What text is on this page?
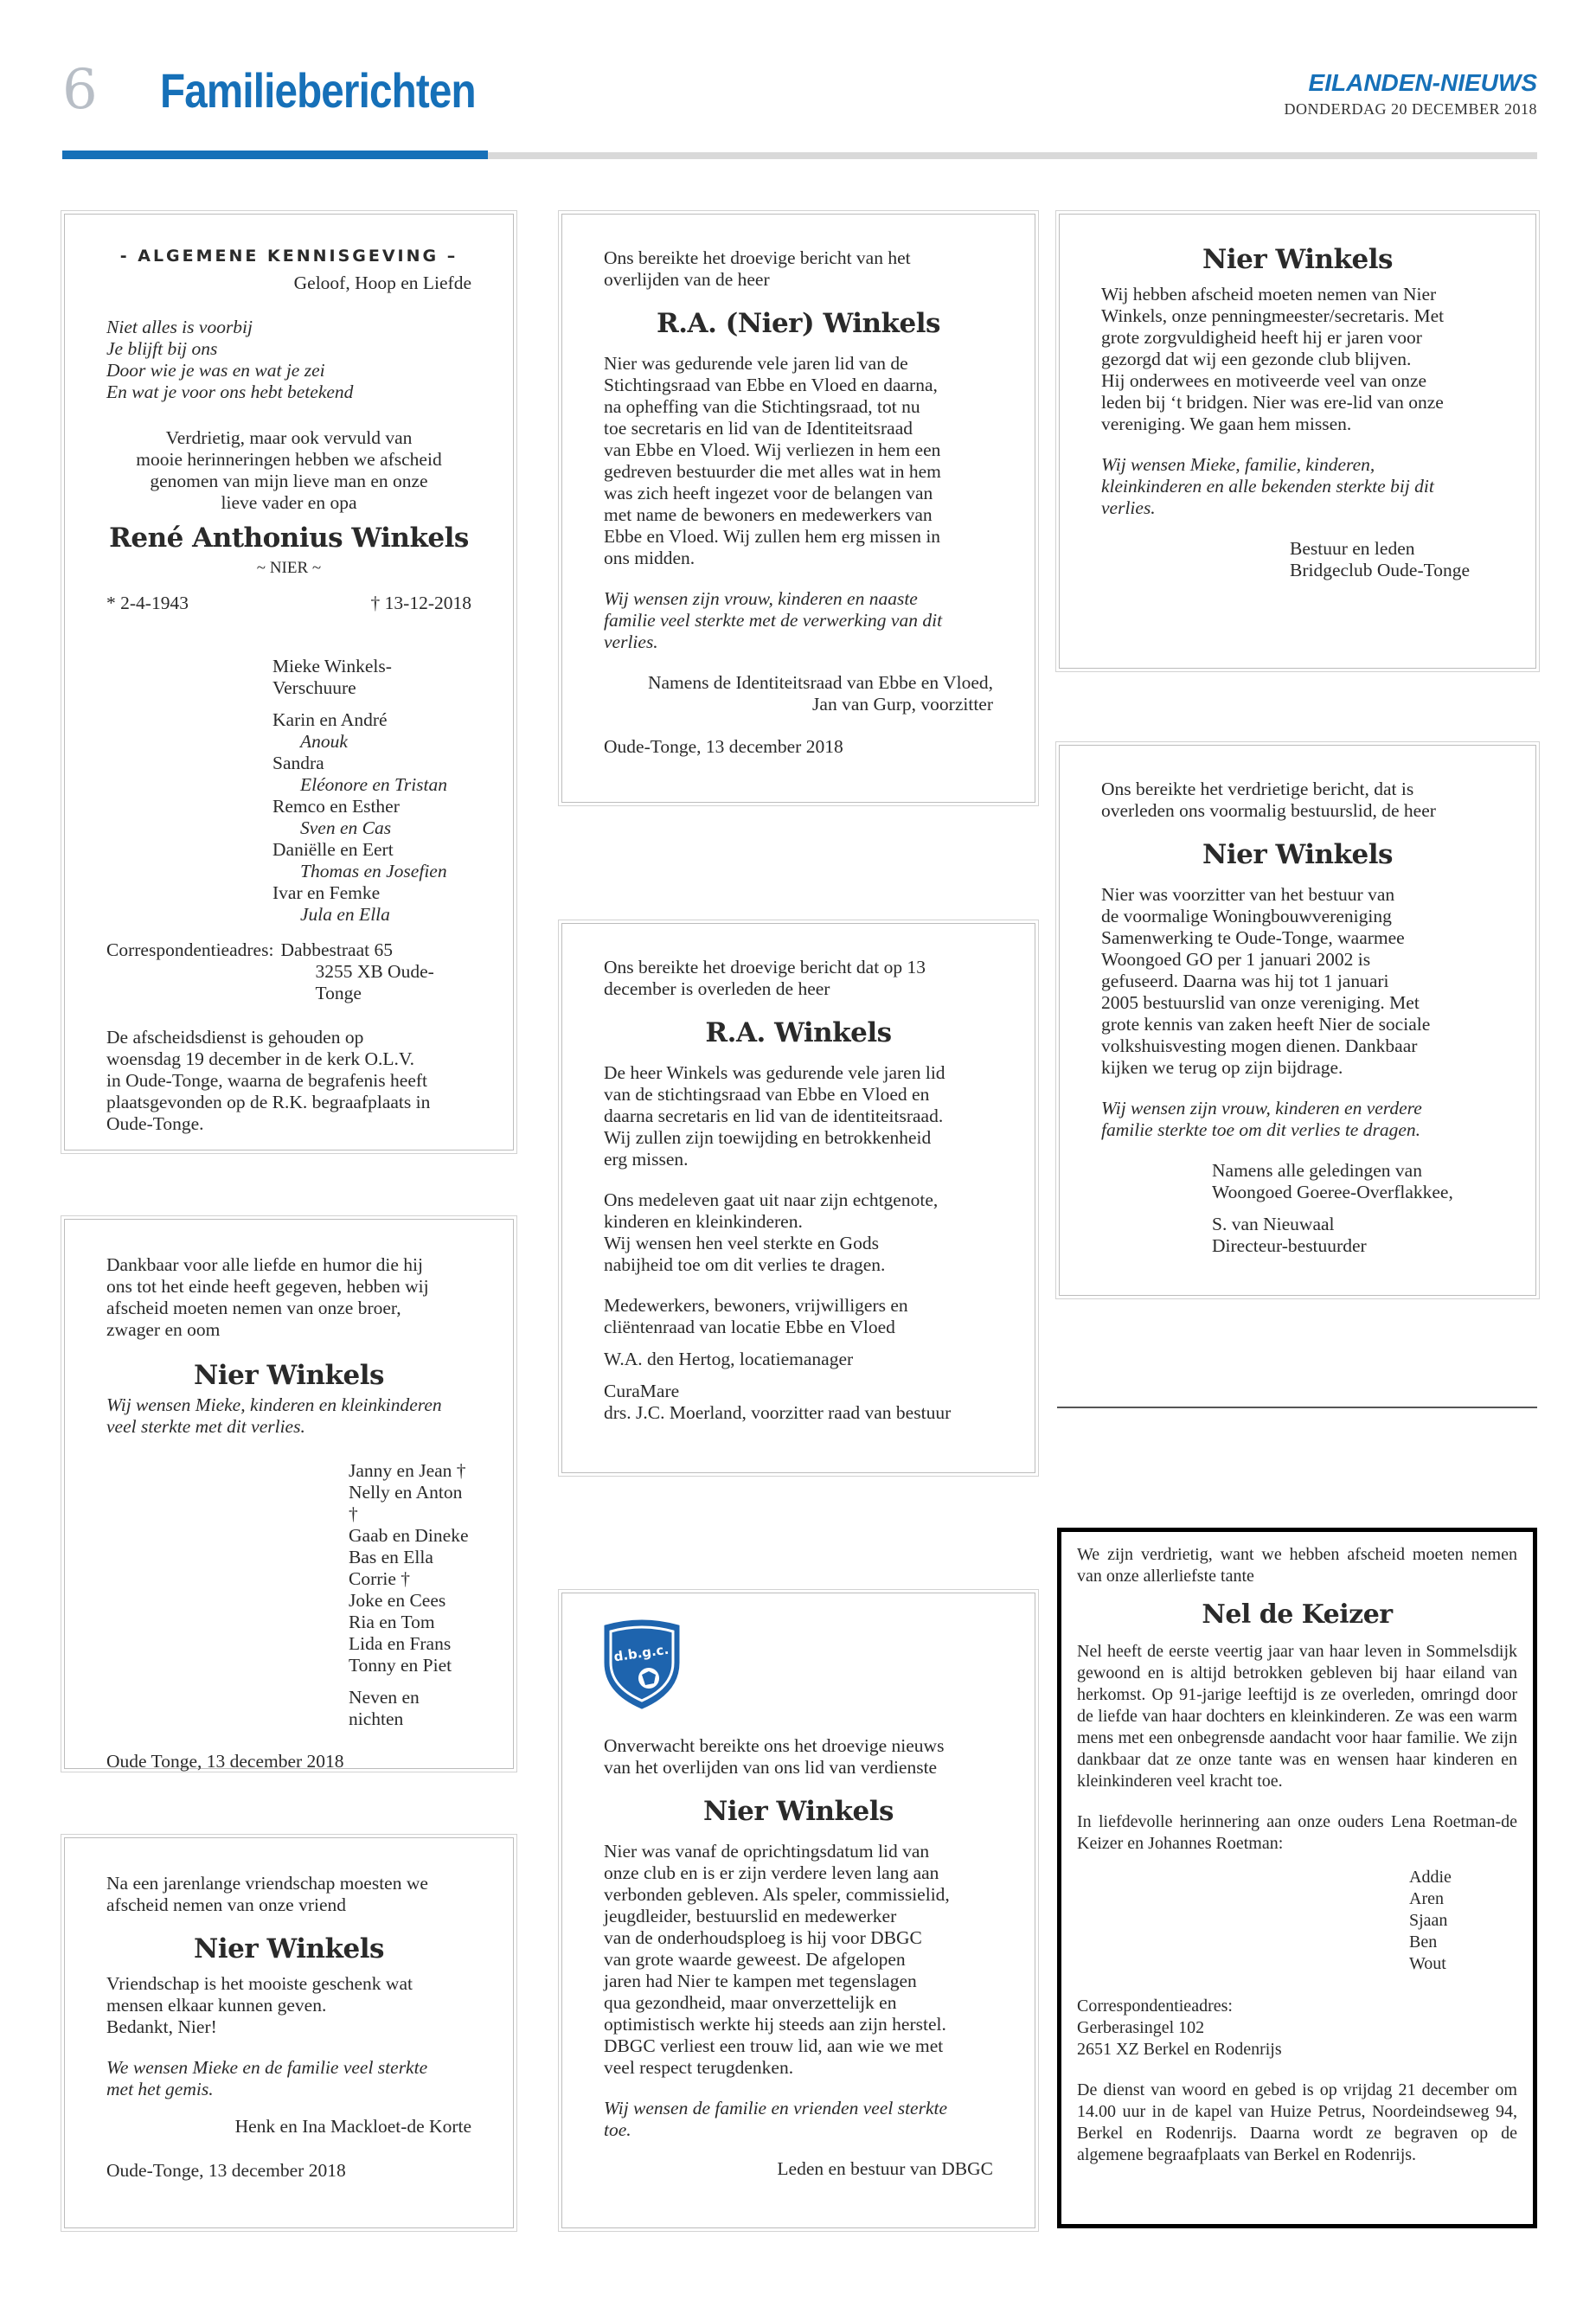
6 Familieberichten	EILANDEN-NIEUWS
DONDERDAG 20 DECEMBER 2018
- ALGEMENE KENNISGEVING –
Geloof, Hoop en Liefde
Niet alles is voorbij
Je blijft bij ons
Door wie je was en wat je zei
En wat je voor ons hebt betekend
Verdrietig, maar ook vervuld van
mooie herinneringen hebben we afscheid
genomen van mijn lieve man en onze
lieve vader en opa
René Anthonius Winkels
~ NIER ~
* 2-4-1943	† 13-12-2018
Mieke Winkels-Verschuure
Karin en André
Anouk
Sandra
Eléonore en Tristan
Remco en Esther
Sven en Cas
Daniëlle en Eert
Thomas en Josefien
Ivar en Femke
Jula en Ella
Correspondentieadres: Dabbestraat 65
3255 XB Oude-Tonge
De afscheidsdienst is gehouden op
woensdag 19 december in de kerk O.L.V.
in Oude-Tonge, waarna de begrafenis heeft
plaatsgevonden op de R.K. begraafplaats in
Oude-Tonge.
Dankbaar voor alle liefde en humor die hij
ons tot het einde heeft gegeven, hebben wij
afscheid moeten nemen van onze broer,
zwager en oom
Nier Winkels
Wij wensen Mieke, kinderen en kleinkinderen
veel sterkte met dit verlies.
Janny en Jean †
Nelly en Anton †
Gaab en Dineke
Bas en Ella
Corrie †
Joke en Cees
Ria en Tom
Lida en Frans
Tonny en Piet
Neven en nichten
Oude Tonge, 13 december 2018
Na een jarenlange vriendschap moesten we
afscheid nemen van onze vriend
Nier Winkels
Vriendschap is het mooiste geschenk wat
mensen elkaar kunnen geven.
Bedankt, Nier!
We wensen Mieke en de familie veel sterkte
met het gemis.
Henk en Ina Mackloet-de Korte
Oude-Tonge, 13 december 2018
Ons bereikte het droevige bericht van het
overlijden van de heer
R.A. (Nier) Winkels
Nier was gedurende vele jaren lid van de
Stichtingsraad van Ebbe en Vloed en daarna,
na opheffing van die Stichtingsraad, tot nu
toe secretaris en lid van de Identiteitsraad
van Ebbe en Vloed. Wij verliezen in hem een
gedreven bestuurder die met alles wat in hem
was zich heeft ingezet voor de belangen van
met name de bewoners en medewerkers van
Ebbe en Vloed. Wij zullen hem erg missen in
ons midden.
Wij wensen zijn vrouw, kinderen en naaste
familie veel sterkte met de verwerking van dit
verlies.
Namens de Identiteitsraad van Ebbe en Vloed,
Jan van Gurp, voorzitter
Oude-Tonge, 13 december 2018
Ons bereikte het droevige bericht dat op 13
december is overleden de heer
R.A. Winkels
De heer Winkels was gedurende vele jaren lid
van de stichtingsraad van Ebbe en Vloed en
daarna secretaris en lid van de identiteitsraad.
Wij zullen zijn toewijding en betrokkenheid
erg missen.
Ons medeleven gaat uit naar zijn echtgenote,
kinderen en kleinkinderen.
Wij wensen hen veel sterkte en Gods
nabijheid toe om dit verlies te dragen.
Medewerkers, bewoners, vrijwilligers en
cliëntenraad van locatie Ebbe en Vloed
W.A. den Hertog, locatiemanager
CuraMare
drs. J.C. Moerland, voorzitter raad van bestuur
d.b.g.c.
Onverwacht bereikte ons het droevige nieuws
van het overlijden van ons lid van verdienste
Nier Winkels
Nier was vanaf de oprichtingsdatum lid van
onze club en is er zijn verdere leven lang aan
verbonden gebleven. Als speler, commissielid,
jeugdleider, bestuurslid en medewerker
van de onderhoudsploeg is hij voor DBGC
van grote waarde geweest. De afgelopen
jaren had Nier te kampen met tegenslagen
qua gezondheid, maar onverzettelijk en
optimistisch werkte hij steeds aan zijn herstel.
DBGC verliest een trouw lid, aan wie we met
veel respect terugdenken.
Wij wensen de familie en vrienden veel sterkte
toe.
Leden en bestuur van DBGC
Nier Winkels
Wij hebben afscheid moeten nemen van Nier
Winkels, onze penningmeester/secretaris. Met
grote zorgvuldigheid heeft hij er jaren voor
gezorgd dat wij een gezonde club blijven.
Hij onderwees en motiveerde veel van onze
leden bij ‘t bridgen. Nier was ere-lid van onze
vereniging. We gaan hem missen.
Wij wensen Mieke, familie, kinderen,
kleinkinderen en alle bekenden sterkte bij dit
verlies.
Bestuur en leden
Bridgeclub Oude-Tonge
Ons bereikte het verdrietige bericht, dat is
overleden ons voormalig bestuurslid, de heer
Nier Winkels
Nier was voorzitter van het bestuur van
de voormalige Woningbouwvereniging
Samenwerking te Oude-Tonge, waarmee
Woongoed GO per 1 januari 2002 is
gefuseerd. Daarna was hij tot 1 januari
2005 bestuurslid van onze vereniging. Met
grote kennis van zaken heeft Nier de sociale
volkshuisvesting mogen dienen. Dankbaar
kijken we terug op zijn bijdrage.
Wij wensen zijn vrouw, kinderen en verdere
familie sterkte toe om dit verlies te dragen.
Namens alle geledingen van
Woongoed Goeree-Overflakkee,
S. van Nieuwaal
Directeur-bestuurder
We zijn verdrietig, want we hebben afscheid moeten nemen van onze allerliefste tante
Nel de Keizer
Nel heeft de eerste veertig jaar van haar leven in Sommelsdijk gewoond en is altijd betrokken gebleven bij haar eiland van herkomst. Op 91-jarige leeftijd is ze overleden, omringd door de liefde van haar dochters en kleinkinderen. Ze was een warm mens met een onbegrensde aandacht voor haar familie. We zijn dankbaar dat ze onze tante was en wensen haar kinderen en kleinkinderen veel kracht toe.
In liefdevolle herinnering aan onze ouders Lena Roetman-de Keizer en Johannes Roetman:
Addie
Aren
Sjaan
Ben
Wout
Correspondentieadres:
Gerberasingel 102
2651 XZ Berkel en Rodenrijs
De dienst van woord en gebed is op vrijdag 21 december om 14.00 uur in de kapel van Huize Petrus, Noordeindseweg 94, Berkel en Rodenrijs. Daarna wordt ze begraven op de algemene begraafplaats van Berkel en Rodenrijs.
